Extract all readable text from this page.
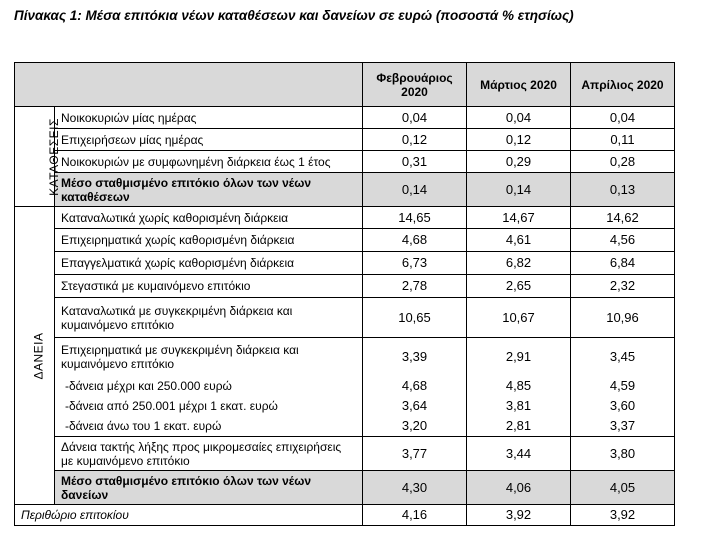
Πίνακας 1: Μέσα επιτόκια νέων καταθέσεων και δανείων σε ευρώ (ποσοστά % ετησίως)
		Φεβρουάριος 2020	Μάρτιος 2020	Απρίλιος 2020
ΚΑΤΑΘΕΣΕΙΣ	Νοικοκυριών μίας ημέρας	0,04	0,04	0,04
	Επιχειρήσεων μίας ημέρας	0,12	0,12	0,11
	Νοικοκυριών με συμφωνημένη διάρκεια έως 1 έτος	0,31	0,29	0,28
	Μέσο σταθμισμένο επιτόκιο όλων των νέων καταθέσεων	0,14	0,14	0,13
ΔΑΝΕΙΑ	Καταναλωτικά χωρίς καθορισμένη διάρκεια	14,65	14,67	14,62
	Επιχειρηματικά χωρίς καθορισμένη διάρκεια	4,68	4,61	4,56
	Επαγγελματικά χωρίς καθορισμένη διάρκεια	6,73	6,82	6,84
	Στεγαστικά με κυμαινόμενο επιτόκιο	2,78	2,65	2,32
	Καταναλωτικά με συγκεκριμένη διάρκεια και κυμαινόμενο επιτόκιο	10,65	10,67	10,96
	Επιχειρηματικά με συγκεκριμένη διάρκεια και κυμαινόμενο επιτόκιο	3,39	2,91	3,45
	-δάνεια μέχρι και 250.000 ευρώ	4,68	4,85	4,59
	-δάνεια από 250.001 μέχρι 1 εκατ. ευρώ	3,64	3,81	3,60
	-δάνεια άνω του 1 εκατ. ευρώ	3,20	2,81	3,37
	Δάνεια τακτής λήξης προς μικρομεσαίες επιχειρήσεις με κυμαινόμενο επιτόκιο	3,77	3,44	3,80
	Μέσο σταθμισμένο επιτόκιο όλων των νέων δανείων	4,30	4,06	4,05
Περιθώριο επιτοκίου		4,16	3,92	3,92
